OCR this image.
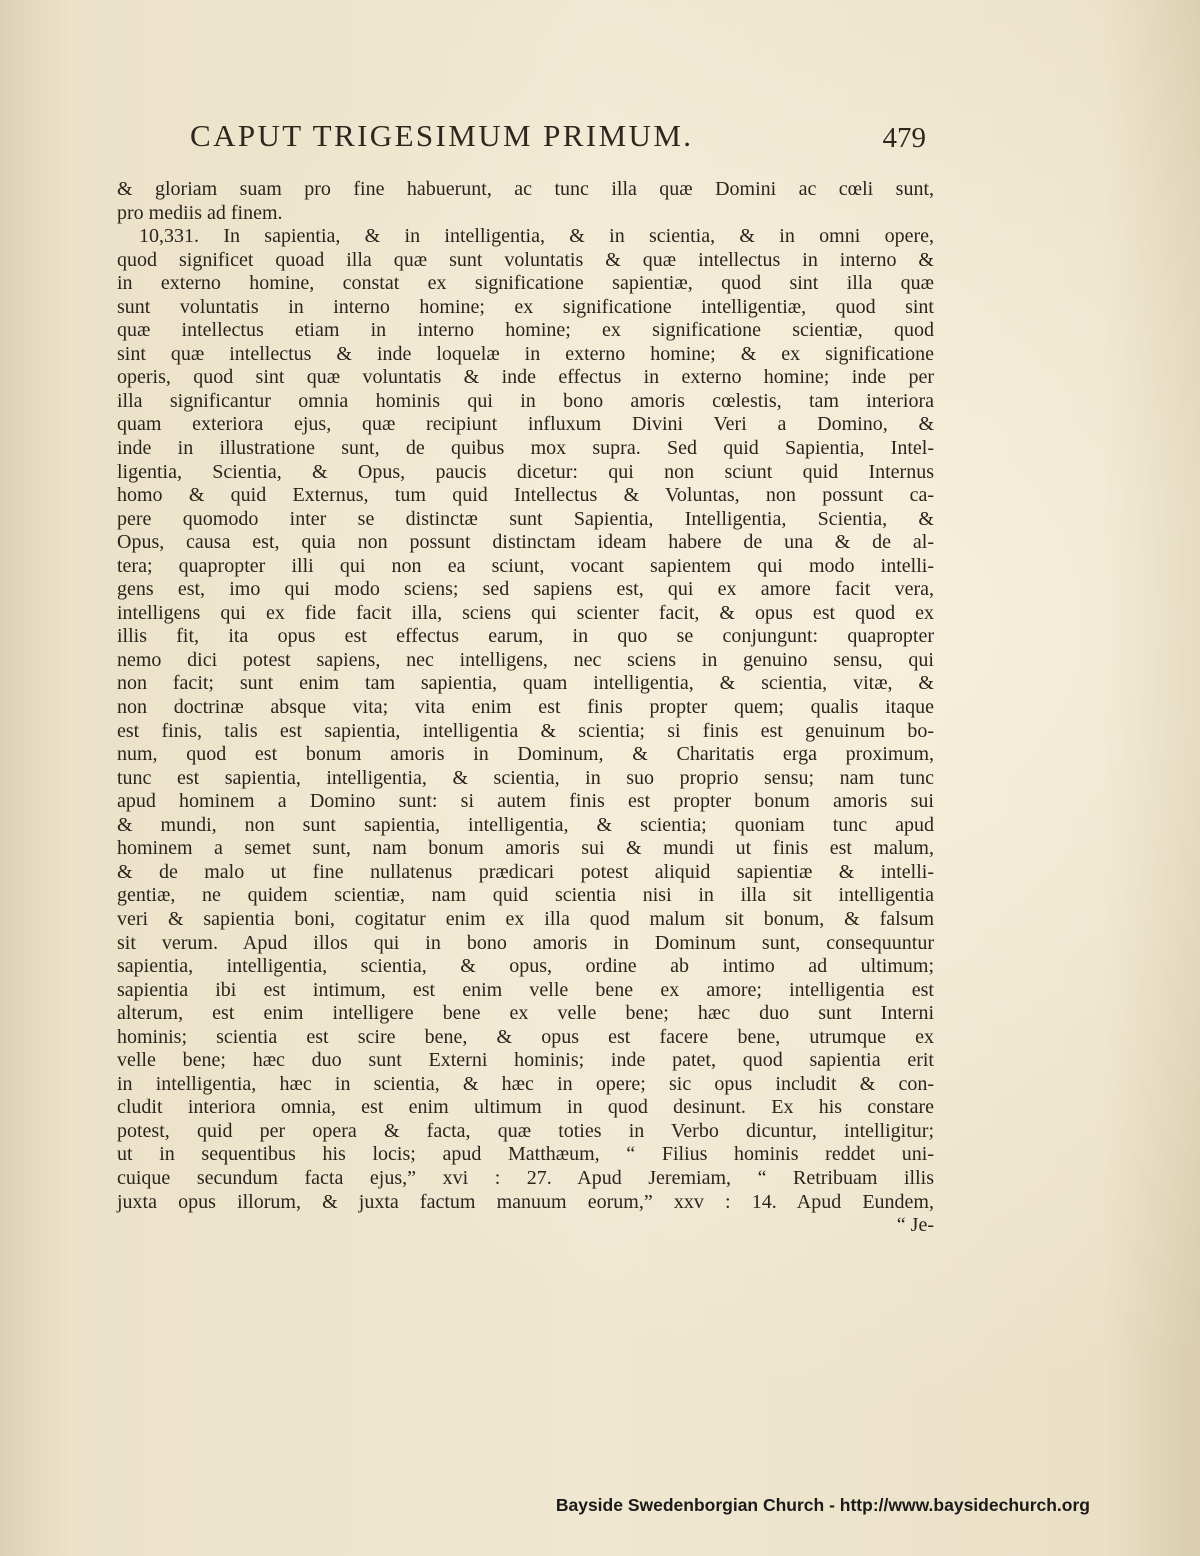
CAPUT TRIGESIMUM PRIMUM.	479
& gloriam suam pro fine habuerunt, ac tunc illa quæ Domini ac cœli sunt,
pro mediis ad finem.
10,331. In sapientia, & in intelligentia, & in scientia, & in omni opere,
quod significet quoad illa quæ sunt voluntatis & quæ intellectus in interno &
in externo homine, constat ex significatione sapientiæ, quod sint illa quæ
sunt voluntatis in interno homine; ex significatione intelligentiæ, quod sint
quæ intellectus etiam in interno homine; ex significatione scientiæ, quod
sint quæ intellectus & inde loquelæ in externo homine; & ex significatione
operis, quod sint quæ voluntatis & inde effectus in externo homine; inde per
illa significantur omnia hominis qui in bono amoris cœlestis, tam interiora
quam exteriora ejus, quæ recipiunt influxum Divini Veri a Domino, &
inde in illustratione sunt, de quibus mox supra. Sed quid Sapientia, Intel-
ligentia, Scientia, & Opus, paucis dicetur: qui non sciunt quid Internus
homo & quid Externus, tum quid Intellectus & Voluntas, non possunt ca-
pere quomodo inter se distinctæ sunt Sapientia, Intelligentia, Scientia, &
Opus, causa est, quia non possunt distinctam ideam habere de una & de al-
tera; quapropter illi qui non ea sciunt, vocant sapientem qui modo intelli-
gens est, imo qui modo sciens; sed sapiens est, qui ex amore facit vera,
intelligens qui ex fide facit illa, sciens qui scienter facit, & opus est quod ex
illis fit, ita opus est effectus earum, in quo se conjungunt: quapropter
nemo dici potest sapiens, nec intelligens, nec sciens in genuino sensu, qui
non facit; sunt enim tam sapientia, quam intelligentia, & scientia, vitæ, &
non doctrinæ absque vita; vita enim est finis propter quem; qualis itaque
est finis, talis est sapientia, intelligentia & scientia; si finis est genuinum bo-
num, quod est bonum amoris in Dominum, & Charitatis erga proximum,
tunc est sapientia, intelligentia, & scientia, in suo proprio sensu; nam tunc
apud hominem a Domino sunt: si autem finis est propter bonum amoris sui
& mundi, non sunt sapientia, intelligentia, & scientia; quoniam tunc apud
hominem a semet sunt, nam bonum amoris sui & mundi ut finis est malum,
& de malo ut fine nullatenus prædicari potest aliquid sapientiæ & intelli-
gentiæ, ne quidem scientiæ, nam quid scientia nisi in illa sit intelligentia
veri & sapientia boni, cogitatur enim ex illa quod malum sit bonum, & falsum
sit verum. Apud illos qui in bono amoris in Dominum sunt, consequuntur
sapientia, intelligentia, scientia, & opus, ordine ab intimo ad ultimum;
sapientia ibi est intimum, est enim velle bene ex amore; intelligentia est
alterum, est enim intelligere bene ex velle bene; hæc duo sunt Interni
hominis; scientia est scire bene, & opus est facere bene, utrumque ex
velle bene; hæc duo sunt Externi hominis; inde patet, quod sapientia erit
in intelligentia, hæc in scientia, & hæc in opere; sic opus includit & con-
cludit interiora omnia, est enim ultimum in quod desinunt. Ex his constare
potest, quid per opera & facta, quæ toties in Verbo dicuntur, intelligitur;
ut in sequentibus his locis; apud Matthæum, “ Filius hominis reddet uni-
cuique secundum facta ejus,” xvi : 27. Apud Jeremiam, “ Retribuam illis
juxta opus illorum, & juxta factum manuum eorum,” xxv : 14. Apud Eundem,
“ Je-
Bayside Swedenborgian Church - http://www.baysidechurch.org
